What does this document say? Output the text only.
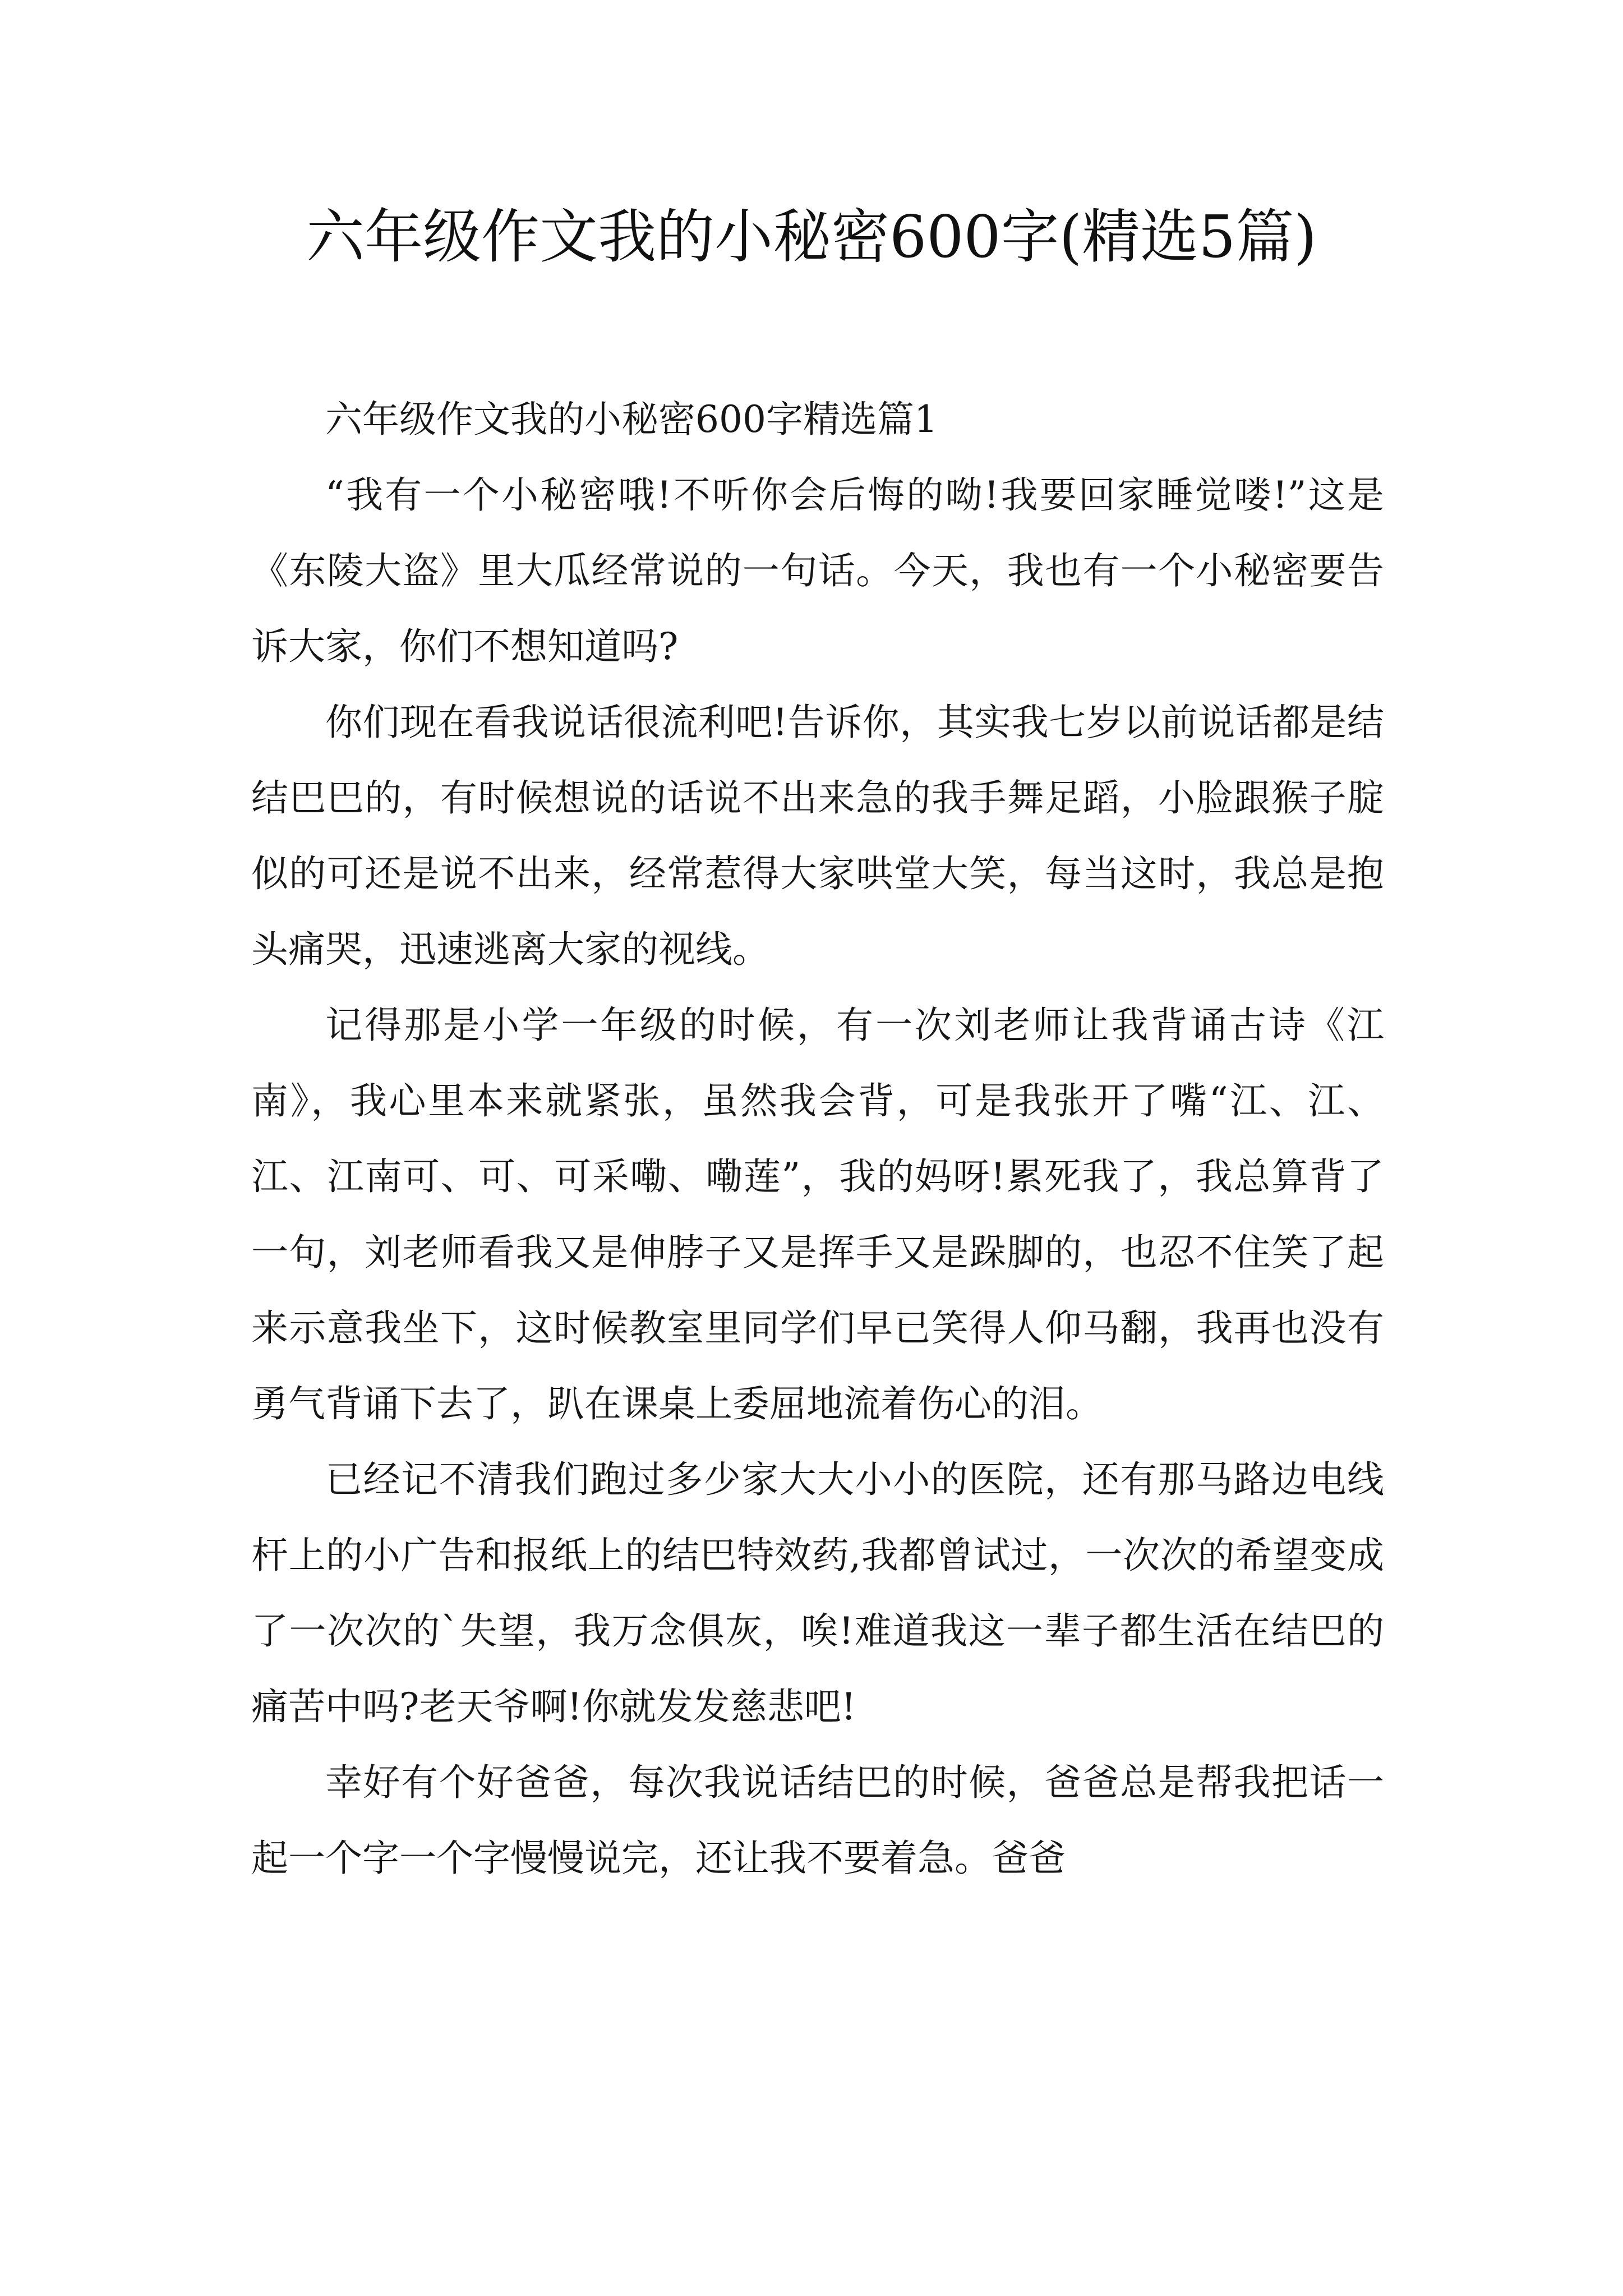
六年级作文我的小秘密600字(精选5篇)
六年级作文我的小秘密600字精选篇1

“我有一个小秘密哦!不听你会后悔的呦!我要回家睡觉喽!”这是《东陵大盗》里大瓜经常说的一句话。今天，我也有一个小秘密要告诉大家，你们不想知道吗?

你们现在看我说话很流利吧!告诉你，其实我七岁以前说话都是结结巴巴的，有时候想说的话说不出来急的我手舞足蹈，小脸跟猴子腚似的可还是说不出来，经常惹得大家哄堂大笑，每当这时，我总是抱头痛哭，迅速逃离大家的视线。

记得那是小学一年级的时候，有一次刘老师让我背诵古诗《江南》，我心里本来就紧张，虽然我会背，可是我张开了嘴“江、江、江、江南可、可、可采嘞、嘞莲”，我的妈呀!累死我了，我总算背了一句，刘老师看我又是伸脖子又是挥手又是跺脚的，也忍不住笑了起来示意我坐下，这时候教室里同学们早已笑得人仰马翻，我再也没有勇气背诵下去了，趴在课桌上委屈地流着伤心的泪。

已经记不清我们跑过多少家大大小小的医院，还有那马路边电线杆上的小广告和报纸上的结巴特效药,我都曾试过，一次次的希望变成了一次次的`失望，我万念俱灰，唉!难道我这一辈子都生活在结巴的痛苦中吗?老天爷啊!你就发发慈悲吧!

幸好有个好爸爸，每次我说话结巴的时候，爸爸总是帮我把话一起一个字一个字慢慢说完，还让我不要着急。爸爸
